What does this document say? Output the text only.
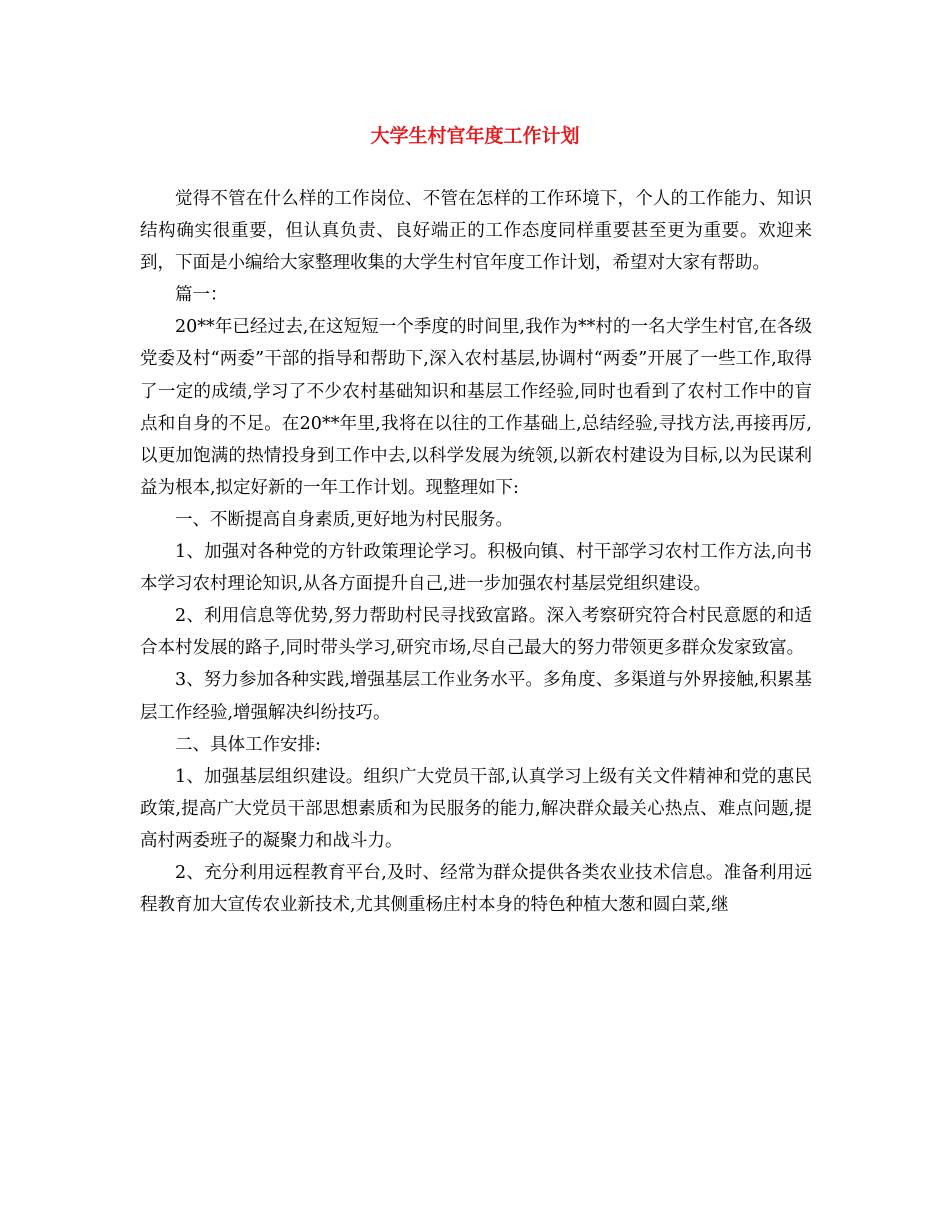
大学生村官年度工作计划

觉得不管在什么样的工作岗位、不管在怎样的工作环境下，个人的工作能力、知识结构确实很重要，但认真负责、良好端正的工作态度同样重要甚至更为重要。欢迎来到，下面是小编给大家整理收集的大学生村官年度工作计划，希望对大家有帮助。

篇一：

20**年已经过去,在这短短一个季度的时间里,我作为**村的一名大学生村官,在各级党委及村“两委”干部的指导和帮助下,深入农村基层,协调村“两委”开展了一些工作,取得了一定的成绩,学习了不少农村基础知识和基层工作经验,同时也看到了农村工作中的盲点和自身的不足。在20**年里,我将在以往的工作基础上,总结经验,寻找方法,再接再厉,以更加饱满的热情投身到工作中去,以科学发展为统领,以新农村建设为目标,以为民谋利益为根本,拟定好新的一年工作计划。现整理如下:

一、不断提高自身素质,更好地为村民服务。

1、加强对各种党的方针政策理论学习。积极向镇、村干部学习农村工作方法,向书本学习农村理论知识,从各方面提升自己,进一步加强农村基层党组织建设。

2、利用信息等优势,努力帮助村民寻找致富路。深入考察研究符合村民意愿的和适合本村发展的路子,同时带头学习,研究市场,尽自己最大的努力带领更多群众发家致富。

3、努力参加各种实践,增强基层工作业务水平。多角度、多渠道与外界接触,积累基层工作经验,增强解决纠纷技巧。

二、具体工作安排:

1、加强基层组织建设。组织广大党员干部,认真学习上级有关文件精神和党的惠民政策,提高广大党员干部思想素质和为民服务的能力,解决群众最关心热点、难点问题,提高村两委班子的凝聚力和战斗力。

2、充分利用远程教育平台,及时、经常为群众提供各类农业技术信息。准备利用远程教育加大宣传农业新技术,尤其侧重杨庄村本身的特色种植大葱和圆白菜,继
